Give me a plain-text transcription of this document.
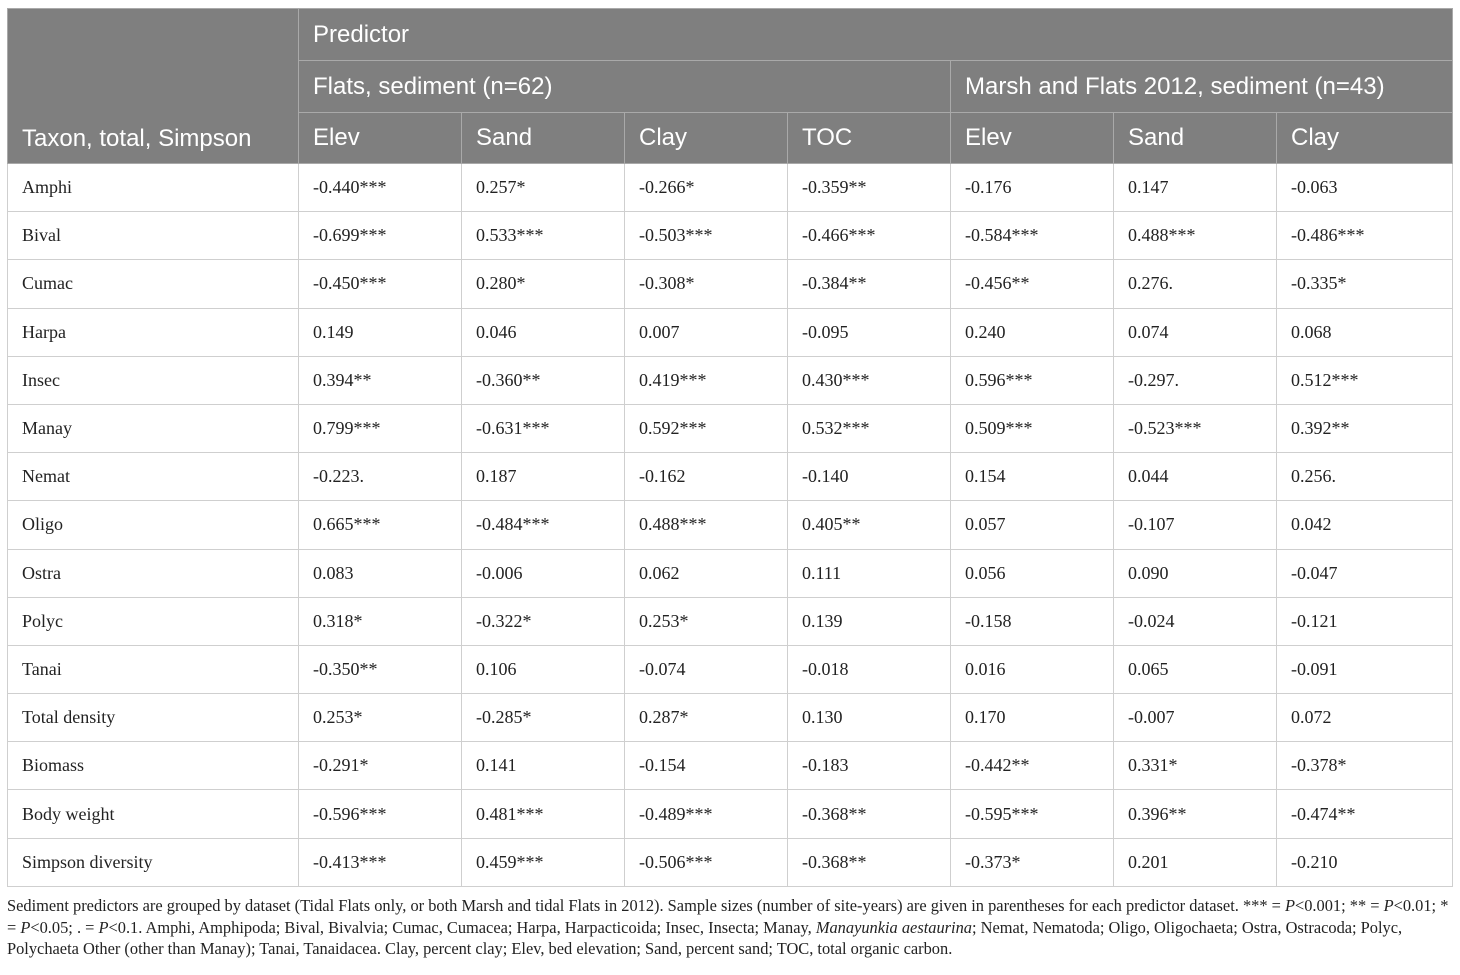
Taxon, total, Simpson	Predictor						
	Flats, sediment (n=62)				Marsh and Flats 2012, sediment (n=43)		
	Elev	Sand	Clay	TOC	Elev	Sand	Clay
Amphi	-0.440***	0.257*	-0.266*	-0.359**	-0.176	0.147	-0.063
Bival	-0.699***	0.533***	-0.503***	-0.466***	-0.584***	0.488***	-0.486***
Cumac	-0.450***	0.280*	-0.308*	-0.384**	-0.456**	0.276.	-0.335*
Harpa	0.149	0.046	0.007	-0.095	0.240	0.074	0.068
Insec	0.394**	-0.360**	0.419***	0.430***	0.596***	-0.297.	0.512***
Manay	0.799***	-0.631***	0.592***	0.532***	0.509***	-0.523***	0.392**
Nemat	-0.223.	0.187	-0.162	-0.140	0.154	0.044	0.256.
Oligo	0.665***	-0.484***	0.488***	0.405**	0.057	-0.107	0.042
Ostra	0.083	-0.006	0.062	0.111	0.056	0.090	-0.047
Polyc	0.318*	-0.322*	0.253*	0.139	-0.158	-0.024	-0.121
Tanai	-0.350**	0.106	-0.074	-0.018	0.016	0.065	-0.091
Total density	0.253*	-0.285*	0.287*	0.130	0.170	-0.007	0.072
Biomass	-0.291*	0.141	-0.154	-0.183	-0.442**	0.331*	-0.378*
Body weight	-0.596***	0.481***	-0.489***	-0.368**	-0.595***	0.396**	-0.474**
Simpson diversity	-0.413***	0.459***	-0.506***	-0.368**	-0.373*	0.201	-0.210
Sediment predictors are grouped by dataset (Tidal Flats only, or both Marsh and tidal Flats in 2012). Sample sizes (number of site-years) are given in parentheses for each predictor dataset. *** = P<0.001; ** = P<0.01; * = P<0.05; . = P<0.1. Amphi, Amphipoda; Bival, Bivalvia; Cumac, Cumacea; Harpa, Harpacticoida; Insec, Insecta; Manay, Manayunkia aestaurina; Nemat, Nematoda; Oligo, Oligochaeta; Ostra, Ostracoda; Polyc, Polychaeta Other (other than Manay); Tanai, Tanaidacea. Clay, percent clay; Elev, bed elevation; Sand, percent sand; TOC, total organic carbon.
